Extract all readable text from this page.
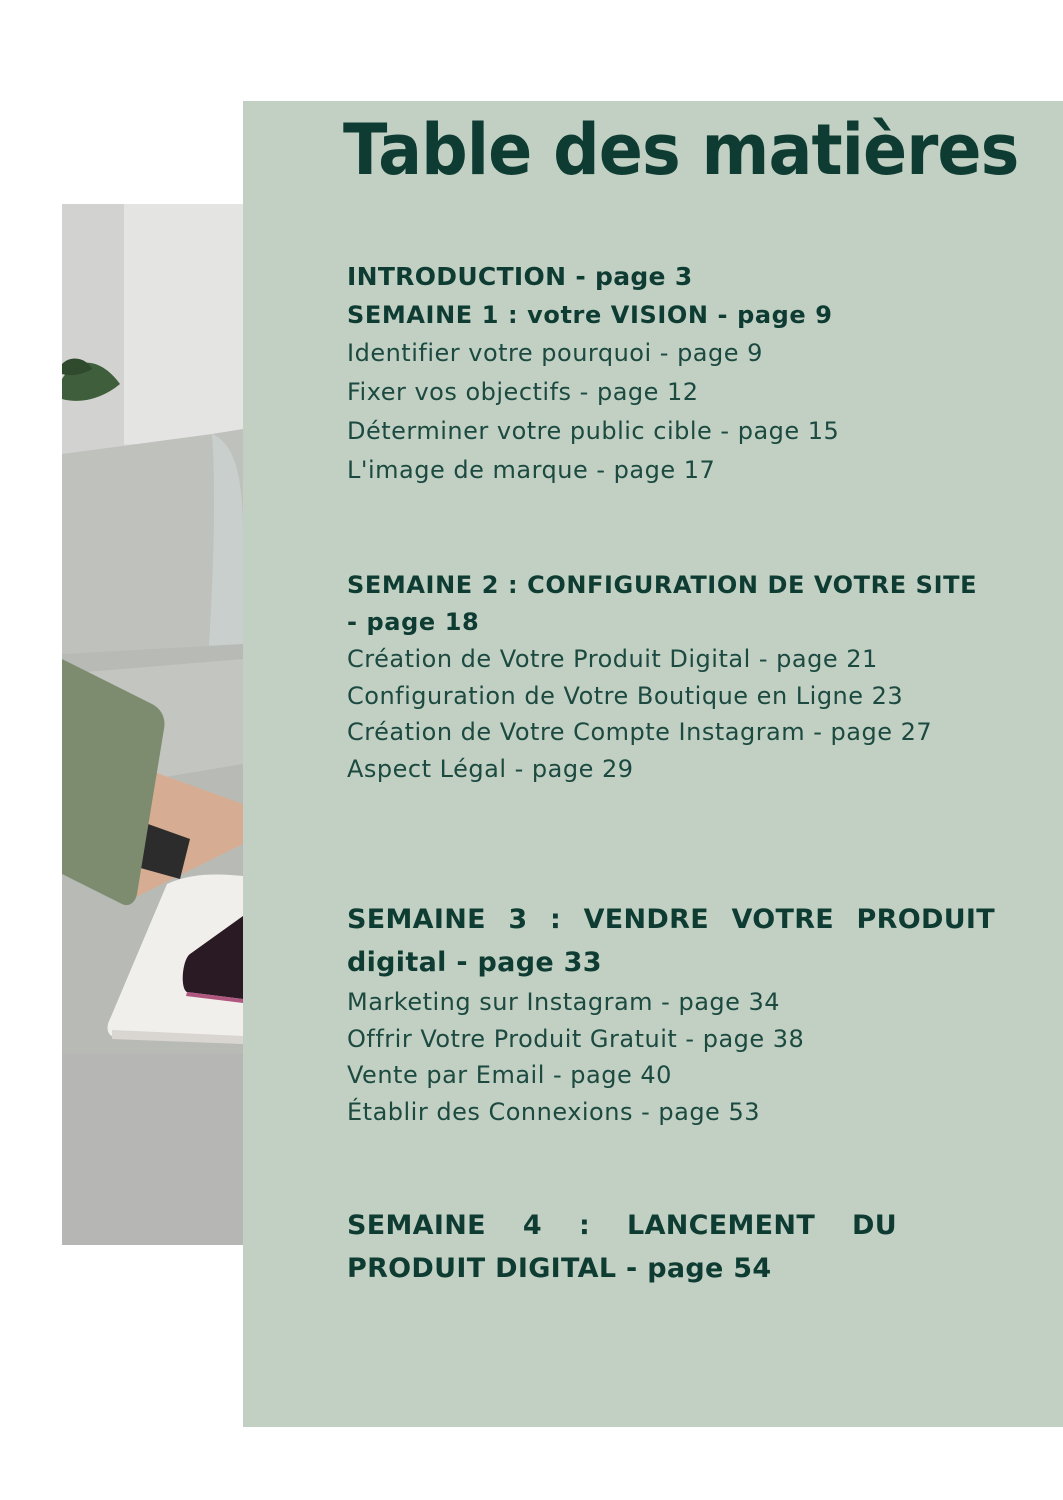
Table des matières

INTRODUCTION - page 3

SEMAINE 1 : votre VISION - page 9

Identifier votre pourquoi - page 9

Fixer vos objectifs - page 12

Déterminer votre public cible - page 15

L'image de marque - page 17

SEMAINE 2 : CONFIGURATION DE VOTRE SITE - page 18

Création de Votre Produit Digital - page 21

Configuration de Votre Boutique en Ligne 23

Création de Votre Compte Instagram - page 27

Aspect Légal - page 29

SEMAINE 3 : VENDRE VOTRE PRODUIT digital - page 33

Marketing sur Instagram - page 34

Offrir Votre Produit Gratuit - page 38

Vente par Email - page 40

Établir des Connexions - page 53

SEMAINE 4 : LANCEMENT DU PRODUIT DIGITAL - page 54
